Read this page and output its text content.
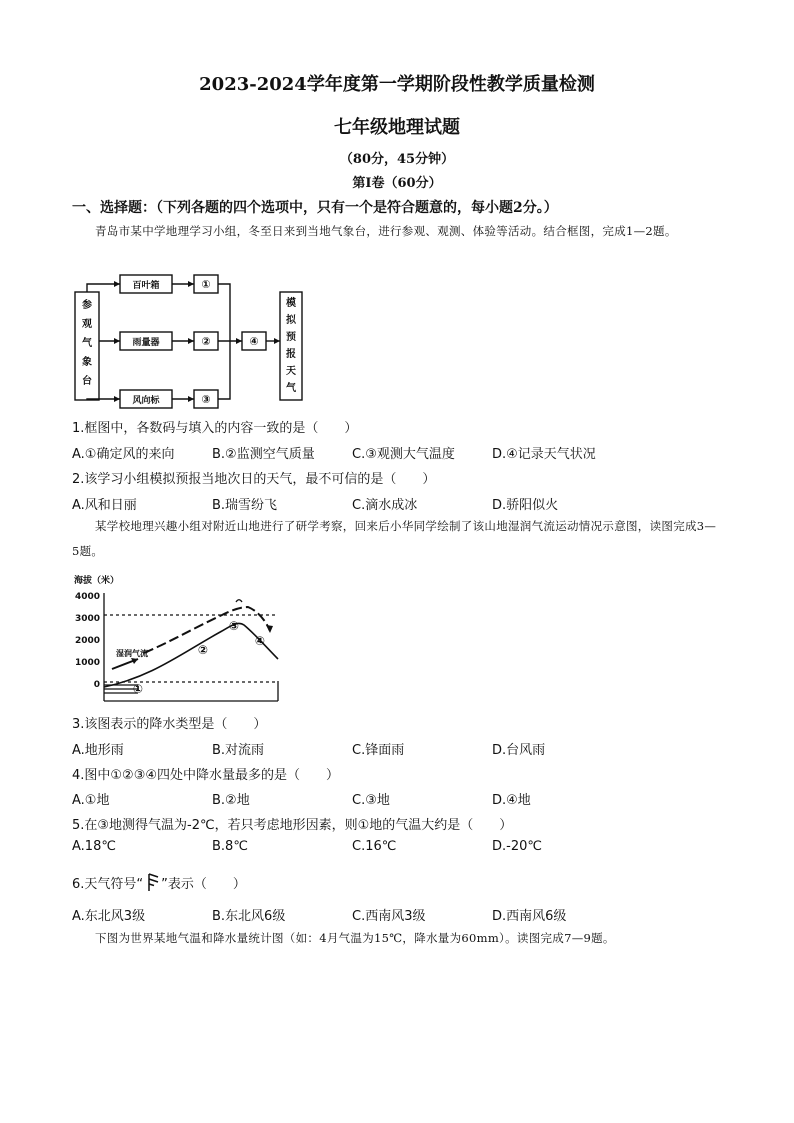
2023-2024学年度第一学期阶段性教学质量检测
七年级地理试题
（80分，45分钟）
第Ⅰ卷（60分）
一、选择题：（下列各题的四个选项中，只有一个是符合题意的，每小题2分。）
青岛市某中学地理学习小组，冬至日来到当地气象台，进行参观、观测、体验等活动。结合框图，完成1—2题。
参
观
气
象
台
模
拟
预
报
天
气
百叶箱
雨量器
风向标
①
②
③
④
1.框图中，各数码与填入的内容一致的是（　　）
A.①确定风的来向	B.②监测空气质量	C.③观测大气温度	D.④记录天气状况
2.该学习小组模拟预报当地次日的天气，最不可信的是（　　）
A.风和日丽	B.瑞雪纷飞	C.滴水成冰	D.骄阳似火
某学校地理兴趣小组对附近山地进行了研学考察，回来后小华同学绘制了该山地湿润气流运动情况示意图，读图完成3—5题。
海拔（米）
4000
3000
2000
1000
0
湿润气流
①
②
③
④
3.该图表示的降水类型是（　　）
A.地形雨	B.对流雨	C.锋面雨	D.台风雨
4.图中①②③④四处中降水量最多的是（　　）
A.①地	B.②地	C.③地	D.④地
5.在③地测得气温为-2℃，若只考虑地形因素，则①地的气温大约是（　　）
A.18℃	B.8℃	C.16℃	D.-20℃
6.天气符号“ ”表示（　　）
A.东北风3级	B.东北风6级	C.西南风3级	D.西南风6级
下图为世界某地气温和降水量统计图（如：4月气温为15℃，降水量为60mm）。读图完成7—9题。
